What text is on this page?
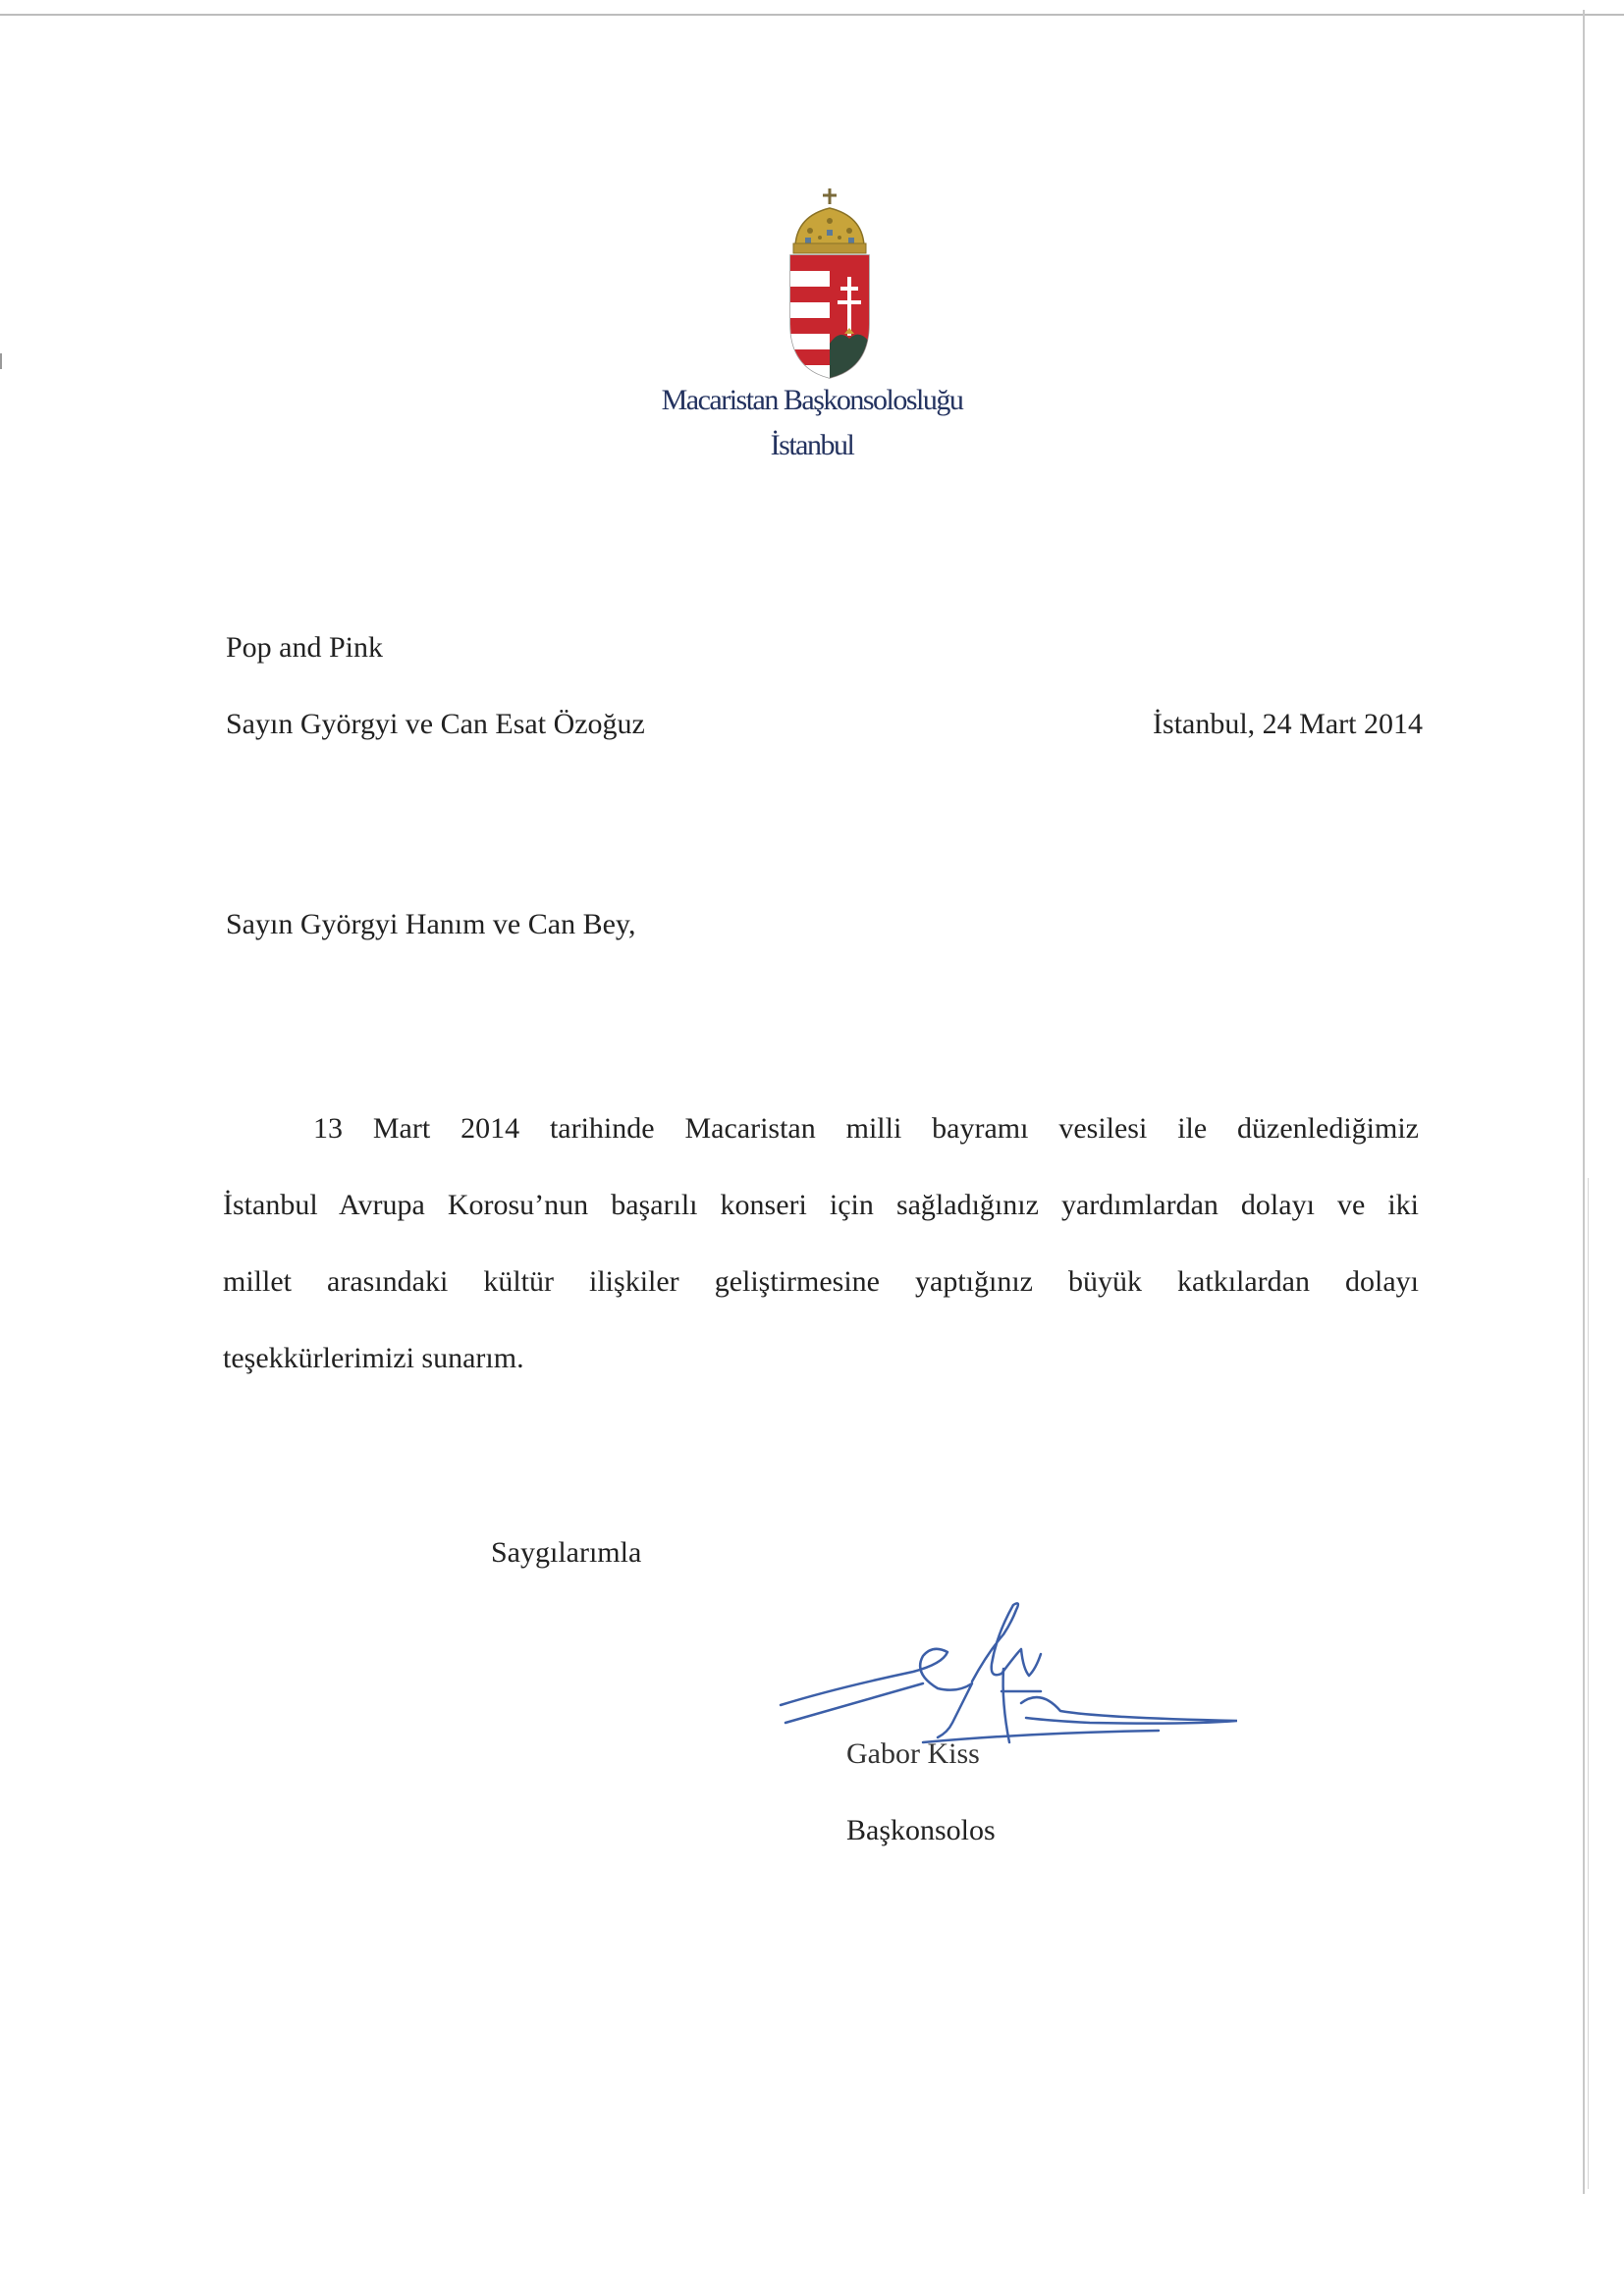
Macaristan Başkonsolosluğu
İstanbul
Pop and Pink
Sayın Györgyi ve Can Esat Özoğuz	İstanbul, 24 Mart 2014
Sayın Györgyi Hanım ve Can Bey,
13 Mart 2014 tarihinde Macaristan milli bayramı vesilesi ile düzenlediğimiz
İstanbul Avrupa Korosu’nun başarılı konseri için sağladığınız yardımlardan dolayı ve iki
millet arasındaki kültür ilişkiler geliştirmesine yaptığınız büyük katkılardan dolayı
teşekkürlerimizi sunarım.
Saygılarımla
Gabor Kiss
Başkonsolos
